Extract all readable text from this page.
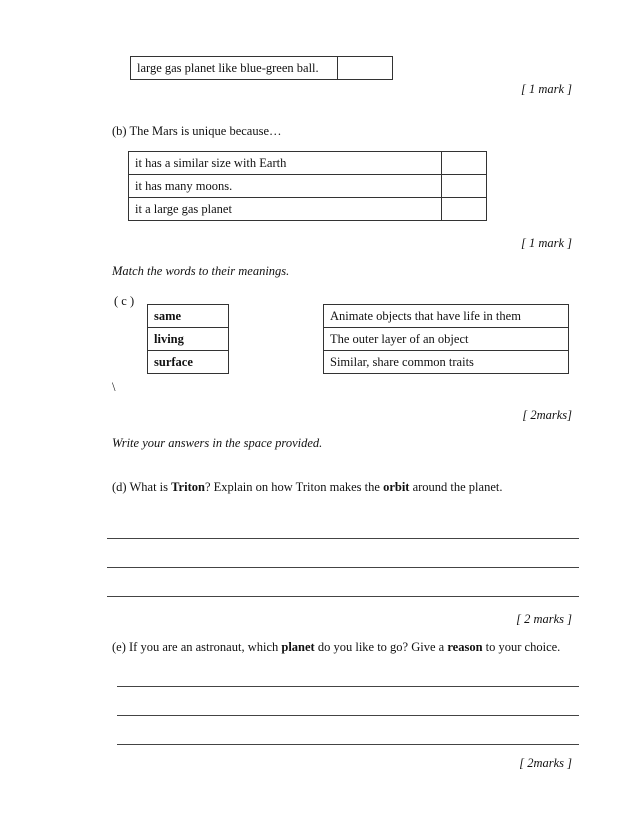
large gas planet like blue-green ball.	
[ 1 mark ]
(b) The Mars is unique because…
it has a similar size with Earth	
it has many moons.	
it a large gas planet	
[ 1 mark ]
Match the words to their meanings.
( c )
same
living
surface
Animate objects that have life in them
The outer layer of an object
Similar, share common traits
\
[ 2marks]
Write your answers in the space provided.
(d) What is Triton? Explain on how Triton makes the orbit around the planet.
[ 2 marks ]
(e) If you are an astronaut, which planet do you like to go? Give a reason to your choice.
[ 2marks ]
